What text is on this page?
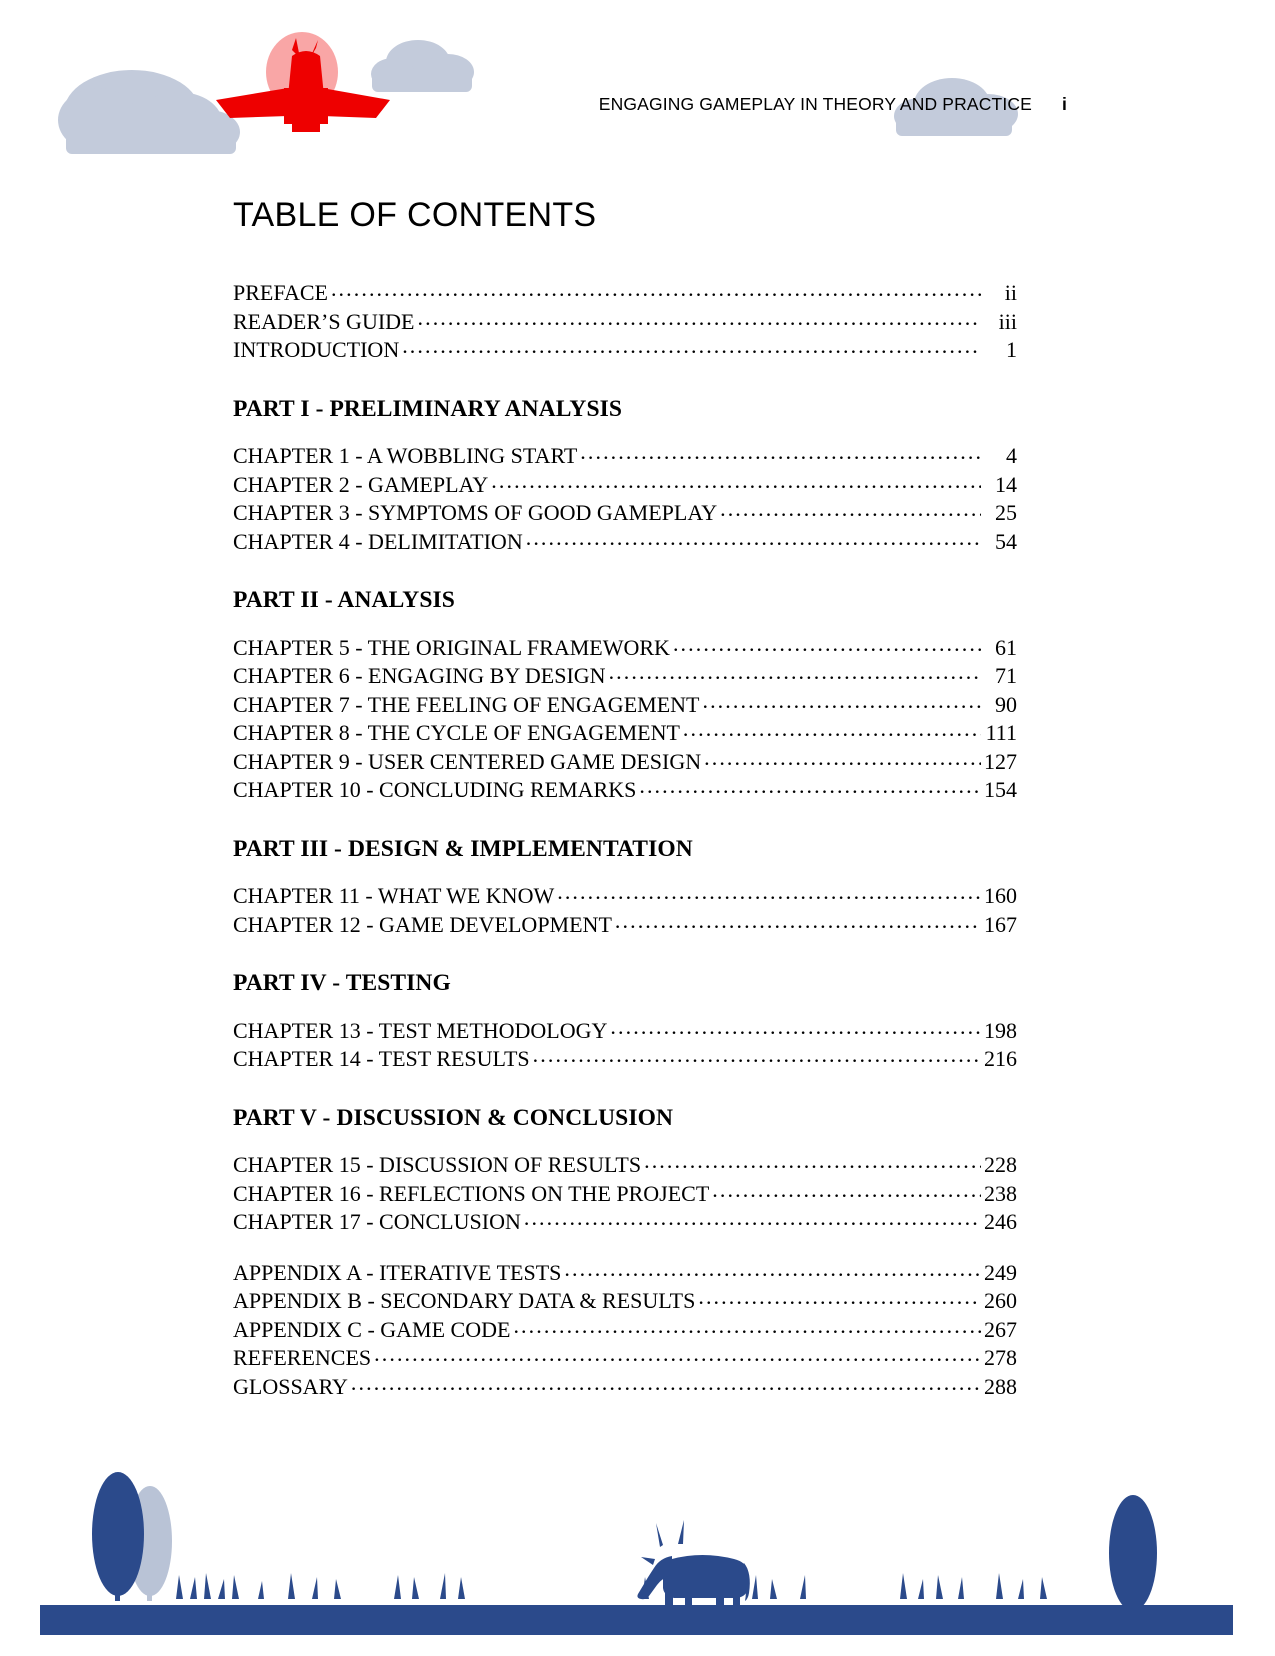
ENGAGING GAMEPLAY IN THEORY AND PRACTICE i
TABLE OF CONTENTS
PREFACE .....	ii
READER’S GUIDE .....	iii
INTRODUCTION .....	1
PART I - PRELIMINARY ANALYSIS
CHAPTER 1 - A WOBBLING START .....	4
CHAPTER 2 - GAMEPLAY .....	14
CHAPTER 3 - SYMPTOMS OF GOOD GAMEPLAY .....	25
CHAPTER 4 - DELIMITATION .....	54
PART II - ANALYSIS
CHAPTER 5 - THE ORIGINAL FRAMEWORK .....	61
CHAPTER 6 - ENGAGING BY DESIGN .....	71
CHAPTER 7 - THE FEELING OF ENGAGEMENT .....	90
CHAPTER 8 - THE CYCLE OF ENGAGEMENT .....	111
CHAPTER 9 - USER CENTERED GAME DESIGN .....	127
CHAPTER 10 - CONCLUDING REMARKS .....	154
PART III - DESIGN & IMPLEMENTATION
CHAPTER 11 - WHAT WE KNOW .....	160
CHAPTER 12 - GAME DEVELOPMENT .....	167
PART IV - TESTING
CHAPTER 13 - TEST METHODOLOGY .....	198
CHAPTER 14 - TEST RESULTS .....	216
PART V - DISCUSSION & CONCLUSION
CHAPTER 15 - DISCUSSION OF RESULTS .....	228
CHAPTER 16 - REFLECTIONS ON THE PROJECT .....	238
CHAPTER 17 - CONCLUSION .....	246
APPENDIX A - ITERATIVE TESTS .....	249
APPENDIX B - SECONDARY DATA & RESULTS .....	260
APPENDIX C - GAME CODE .....	267
REFERENCES .....	278
GLOSSARY .....	288
